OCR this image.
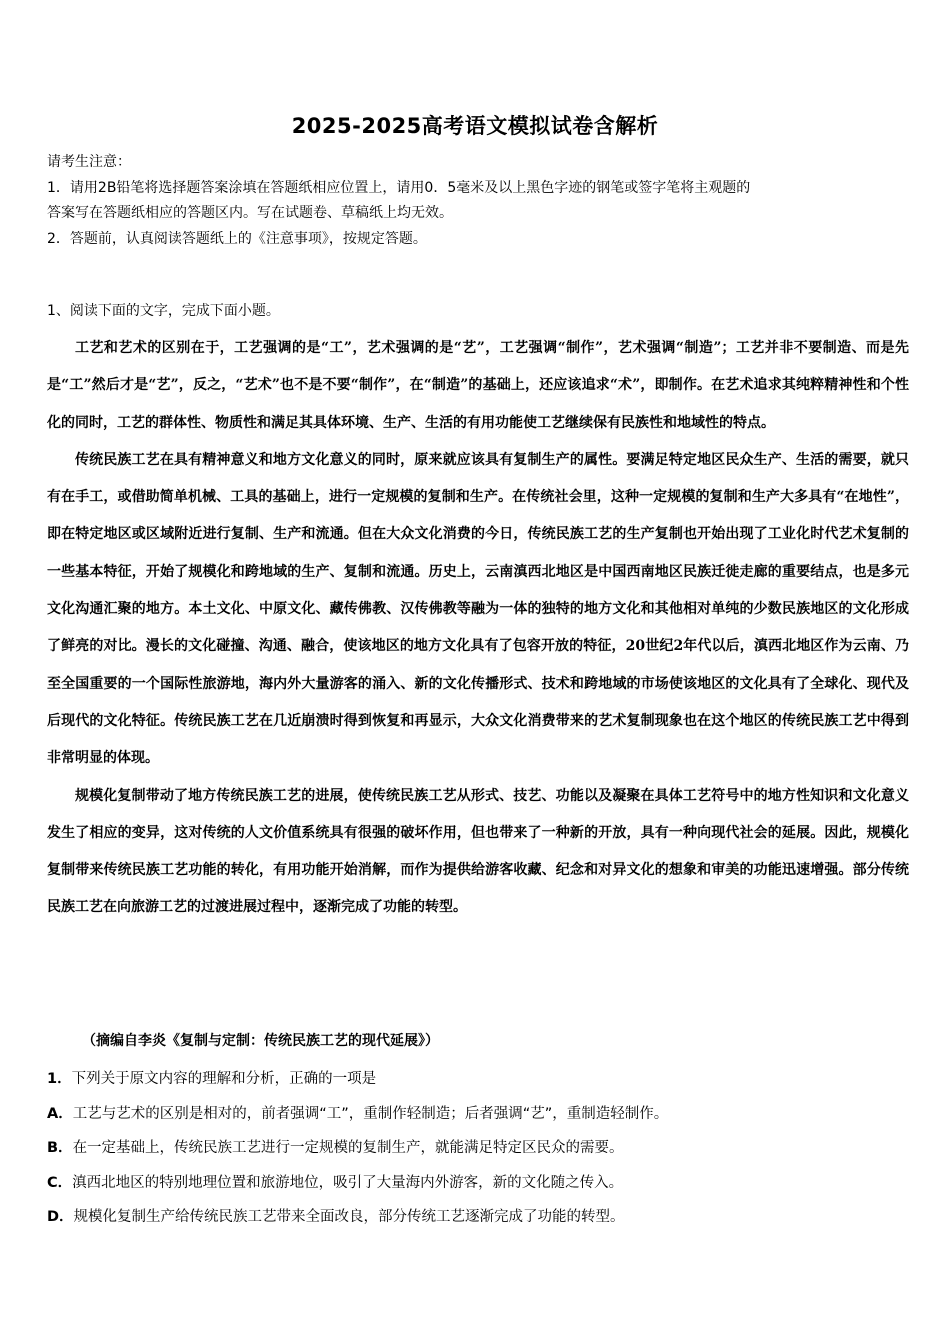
2025-2025高考语文模拟试卷含解析

请考生注意：

1．请用2B铅笔将选择题答案涂填在答题纸相应位置上，请用0．5毫米及以上黑色字迹的钢笔或签字笔将主观题的

答案写在答题纸相应的答题区内。写在试题卷、草稿纸上均无效。

2．答题前，认真阅读答题纸上的《注意事项》，按规定答题。

1、阅读下面的文字，完成下面小题。

工艺和艺术的区别在于，工艺强调的是“工”，艺术强调的是“艺”，工艺强调“制作”，艺术强调“制造”；工艺并非不要制造、而是先是“工”然后才是“艺”，反之，“艺术”也不是不要“制作”，在“制造”的基础上，还应该追求“术”，即制作。在艺术追求其纯粹精神性和个性化的同时，工艺的群体性、物质性和满足其具体环境、生产、生活的有用功能使工艺继续保有民族性和地域性的特点。

传统民族工艺在具有精神意义和地方文化意义的同时，原来就应该具有复制生产的属性。要满足特定地区民众生产、生活的需要，就只有在手工，或借助简单机械、工具的基础上，进行一定规模的复制和生产。在传统社会里，这种一定规模的复制和生产大多具有“在地性”，即在特定地区或区域附近进行复制、生产和流通。但在大众文化消费的今日，传统民族工艺的生产复制也开始出现了工业化时代艺术复制的一些基本特征，开始了规模化和跨地域的生产、复制和流通。历史上，云南滇西北地区是中国西南地区民族迁徙走廊的重要结点，也是多元文化沟通汇聚的地方。本土文化、中原文化、藏传佛教、汉传佛教等融为一体的独特的地方文化和其他相对单纯的少数民族地区的文化形成了鲜亮的对比。漫长的文化碰撞、沟通、融合，使该地区的地方文化具有了包容开放的特征，20世纪2年代以后，滇西北地区作为云南、乃至全国重要的一个国际性旅游地，海内外大量游客的涌入、新的文化传播形式、技术和跨地域的市场使该地区的文化具有了全球化、现代及后现代的文化特征。传统民族工艺在几近崩溃时得到恢复和再显示，大众文化消费带来的艺术复制现象也在这个地区的传统民族工艺中得到非常明显的体现。

规模化复制带动了地方传统民族工艺的进展，使传统民族工艺从形式、技艺、功能以及凝聚在具体工艺符号中的地方性知识和文化意义发生了相应的变异，这对传统的人文价值系统具有很强的破坏作用，但也带来了一种新的开放，具有一种向现代社会的延展。因此，规模化复制带来传统民族工艺功能的转化，有用功能开始消解，而作为提供给游客收藏、纪念和对异文化的想象和审美的功能迅速增强。部分传统民族工艺在向旅游工艺的过渡进展过程中，逐渐完成了功能的转型。

（摘编自李炎《复制与定制：传统民族工艺的现代延展》）

1．下列关于原文内容的理解和分析，正确的一项是

A．工艺与艺术的区别是相对的，前者强调“工”，重制作轻制造；后者强调“艺”，重制造轻制作。

B．在一定基础上，传统民族工艺进行一定规模的复制生产，就能满足特定区民众的需要。

C．滇西北地区的特别地理位置和旅游地位，吸引了大量海内外游客，新的文化随之传入。

D．规模化复制生产给传统民族工艺带来全面改良，部分传统工艺逐渐完成了功能的转型。
